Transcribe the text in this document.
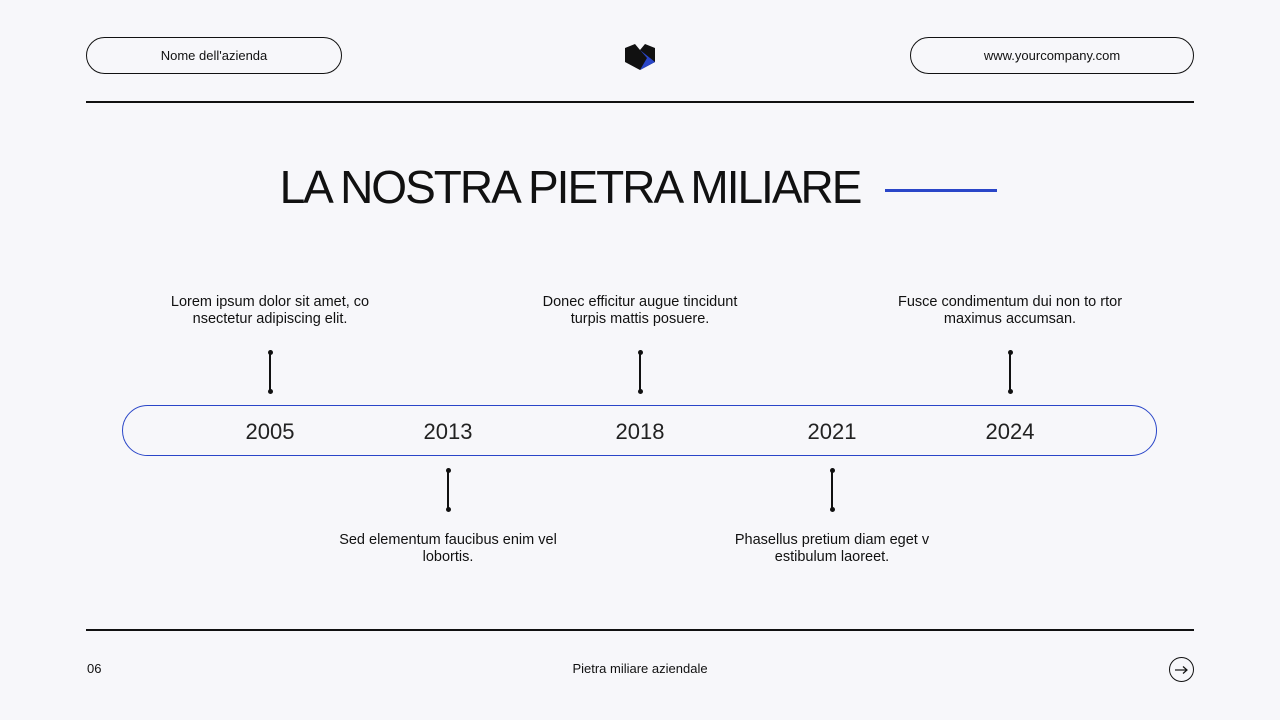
Nome dell'azienda	www.yourcompany.com
LA NOSTRA PIETRA MILIARE
Lorem ipsum dolor sit amet, co nsectetur adipiscing elit.
2005	2013
Sed elementum faucibus enim vel lobortis.
Donec efficitur augue tincidunt turpis mattis posuere.
2018	2021
Phasellus pretium diam eget v estibulum laoreet.
Fusce condimentum dui non to rtor maximus accumsan.
2024
06	Pietra miliare aziendale
